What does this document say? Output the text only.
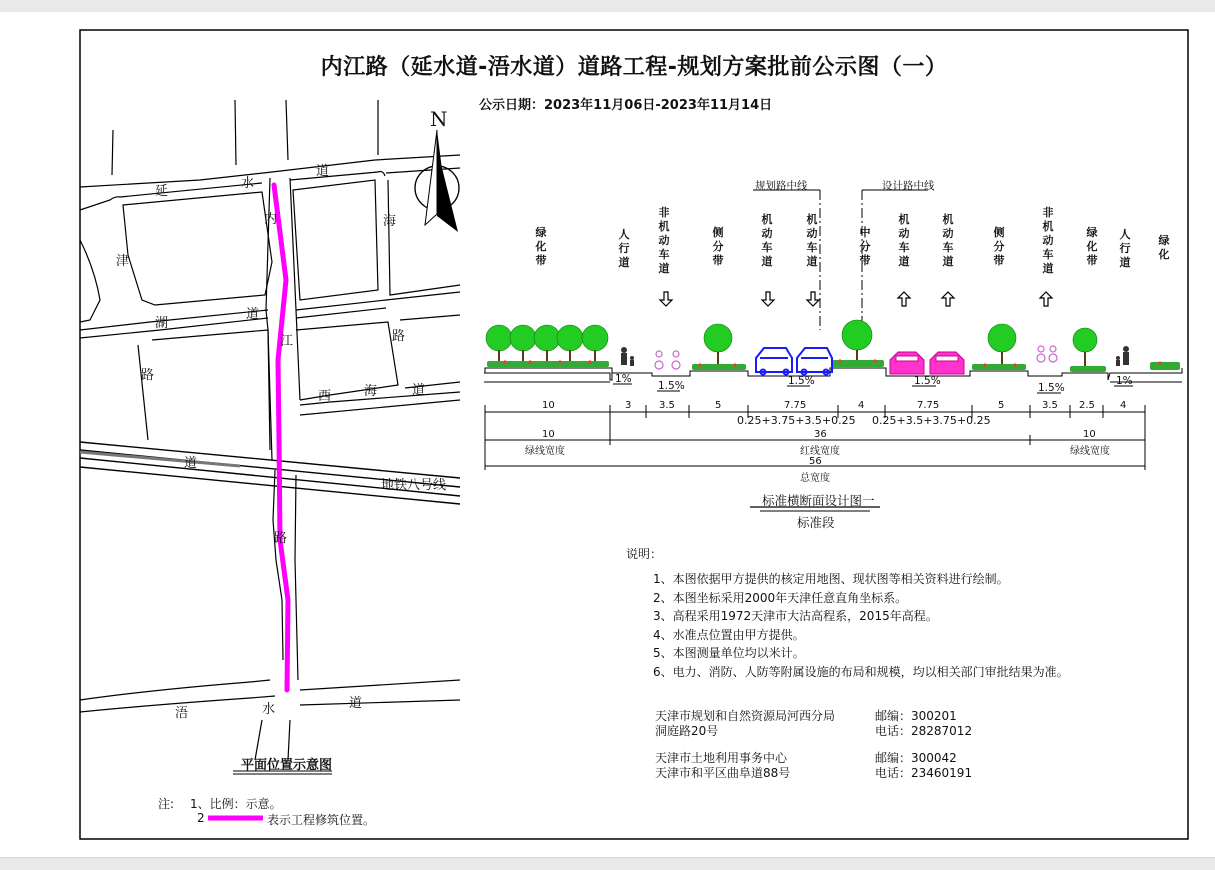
内江路（延水道-浯水道）道路工程-规划方案批前公示图（一）
公示日期：2023年11月06日-2023年11月14日
N
延
水
道
海
津
湖
道
内
路
江
西	海	道
路
道
地铁八号线
路
浯	水	道
平面位置示意图
注: 1、比例：示意。
2	表示工程修筑位置。
规划路中线	设计路中线
绿
化
带
人
行
道
非
机
动
车
道
侧
分
带
机
动
车
道
机
动
车
道
中
分
带
机
动
车
道
机
动
车
道
侧
分
带
非
机
动
车
道
绿
化
带
人
行
道
绿
化
1%
1.5%	1.5%	1.5%
1.5%
1%
10	3	3.5	5	7.75	4	7.75	5	3.5 2.5	4
0.25+3.75+3.5+0.25 0.25+3.5+3.75+0.25
10
绿线宽度
36
红线宽度
10
绿线宽度
56
总宽度
标准横断面设计图一
标准段
说明：
1、本图依据甲方提供的核定用地图、现状图等相关资料进行绘制。
2、本图坐标采用2000年天津任意直角坐标系。
3、高程采用1972天津市大沽高程系，2015年高程。
4、水准点位置由甲方提供。
5、本图测量单位均以米计。
6、电力、消防、人防等附属设施的布局和规模，均以相关部门审批结果为准。
天津市规划和自然资源局河西分局
洞庭路20号
邮编：300201
电话：28287012
天津市土地利用事务中心
天津市和平区曲阜道88号
邮编：300042
电话：23460191
